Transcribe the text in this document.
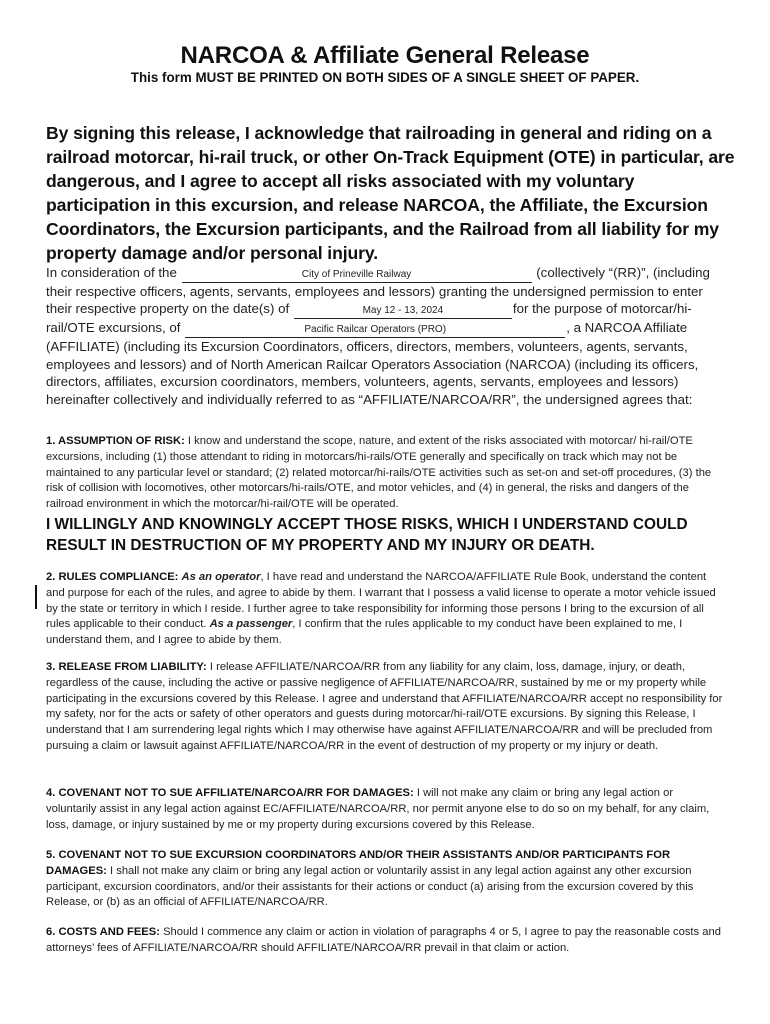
NARCOA & Affiliate General Release
This form MUST BE PRINTED ON BOTH SIDES OF A SINGLE SHEET OF PAPER.
By signing this release, I acknowledge that railroading in general and riding on a railroad motorcar, hi-rail truck, or other On-Track Equipment (OTE) in particular, are dangerous, and I agree to accept all risks associated with my voluntary participation in this excursion, and release NARCOA, the Affiliate, the Excursion Coordinators, the Excursion participants, and the Railroad from all liability for my property damage and/or personal injury.
In consideration of the	City of Prineville Railway	(collectively “(RR)”, (including their respective officers, agents, servants, employees and lessors) granting the undersigned permission to enter their respective property on the date(s) of	May 12 - 13, 2024	for the purpose of motorcar/hi-rail/OTE excursions, of	Pacific Railcar Operators (PRO)	, a NARCOA Affiliate (AFFILIATE) (including its Excursion Coordinators, officers, directors, members, volunteers, agents, servants, employees and lessors) and of North American Railcar Operators Association (NARCOA) (including its officers, directors, affiliates, excursion coordinators, members, volunteers, agents, servants, employees and lessors) hereinafter collectively and individually referred to as “AFFILIATE/NARCOA/RR”, the undersigned agrees that:
1. ASSUMPTION OF RISK: I know and understand the scope, nature, and extent of the risks associated with motorcar/ hi-rail/OTE excursions, including (1) those attendant to riding in motorcars/hi-rails/OTE generally and specifically on track which may not be maintained to any particular level or standard; (2) related motorcar/hi-rails/OTE activities such as set-on and set-off procedures, (3) the risk of collision with locomotives, other motorcars/hi-rails/OTE, and motor vehicles, and (4) in general, the risks and dangers of the railroad environment in which the motorcar/hi-rail/OTE will be operated.
I WILLINGLY AND KNOWINGLY ACCEPT THOSE RISKS, WHICH I UNDERSTAND COULD RESULT IN DESTRUCTION OF MY PROPERTY AND MY INJURY OR DEATH.
2. RULES COMPLIANCE: As an operator, I have read and understand the NARCOA/AFFILIATE Rule Book, understand the content and purpose for each of the rules, and agree to abide by them. I warrant that I possess a valid license to operate a motor vehicle issued by the state or territory in which I reside. I further agree to take responsibility for informing those persons I bring to the excursion of all rules applicable to their conduct. As a passenger, I confirm that the rules applicable to my conduct have been explained to me, I understand them, and I agree to abide by them.
3. RELEASE FROM LIABILITY: I release AFFILIATE/NARCOA/RR from any liability for any claim, loss, damage, injury, or death, regardless of the cause, including the active or passive negligence of AFFILIATE/NARCOA/RR, sustained by me or my property while participating in the excursions covered by this Release. I agree and understand that AFFILIATE/NARCOA/RR accept no responsibility for my safety, nor for the acts or safety of other operators and guests during motorcar/hi-rail/OTE excursions. By signing this Release, I understand that I am surrendering legal rights which I may otherwise have against AFFILIATE/NARCOA/RR and will be precluded from pursuing a claim or lawsuit against AFFILIATE/NARCOA/RR in the event of destruction of my property or my injury or death.
4. COVENANT NOT TO SUE AFFILIATE/NARCOA/RR FOR DAMAGES: I will not make any claim or bring any legal action or voluntarily assist in any legal action against EC/AFFILIATE/NARCOA/RR, nor permit anyone else to do so on my behalf, for any claim, loss, damage, or injury sustained by me or my property during excursions covered by this Release.
5. COVENANT NOT TO SUE EXCURSION COORDINATORS AND/OR THEIR ASSISTANTS AND/OR PARTICIPANTS FOR DAMAGES: I shall not make any claim or bring any legal action or voluntarily assist in any legal action against any other excursion participant, excursion coordinators, and/or their assistants for their actions or conduct (a) arising from the excursion covered by this Release, or (b) as an official of AFFILIATE/NARCOA/RR.
6. COSTS AND FEES: Should I commence any claim or action in violation of paragraphs 4 or 5, I agree to pay the reasonable costs and attorneys’ fees of AFFILIATE/NARCOA/RR should AFFILIATE/NARCOA/RR prevail in that claim or action.
